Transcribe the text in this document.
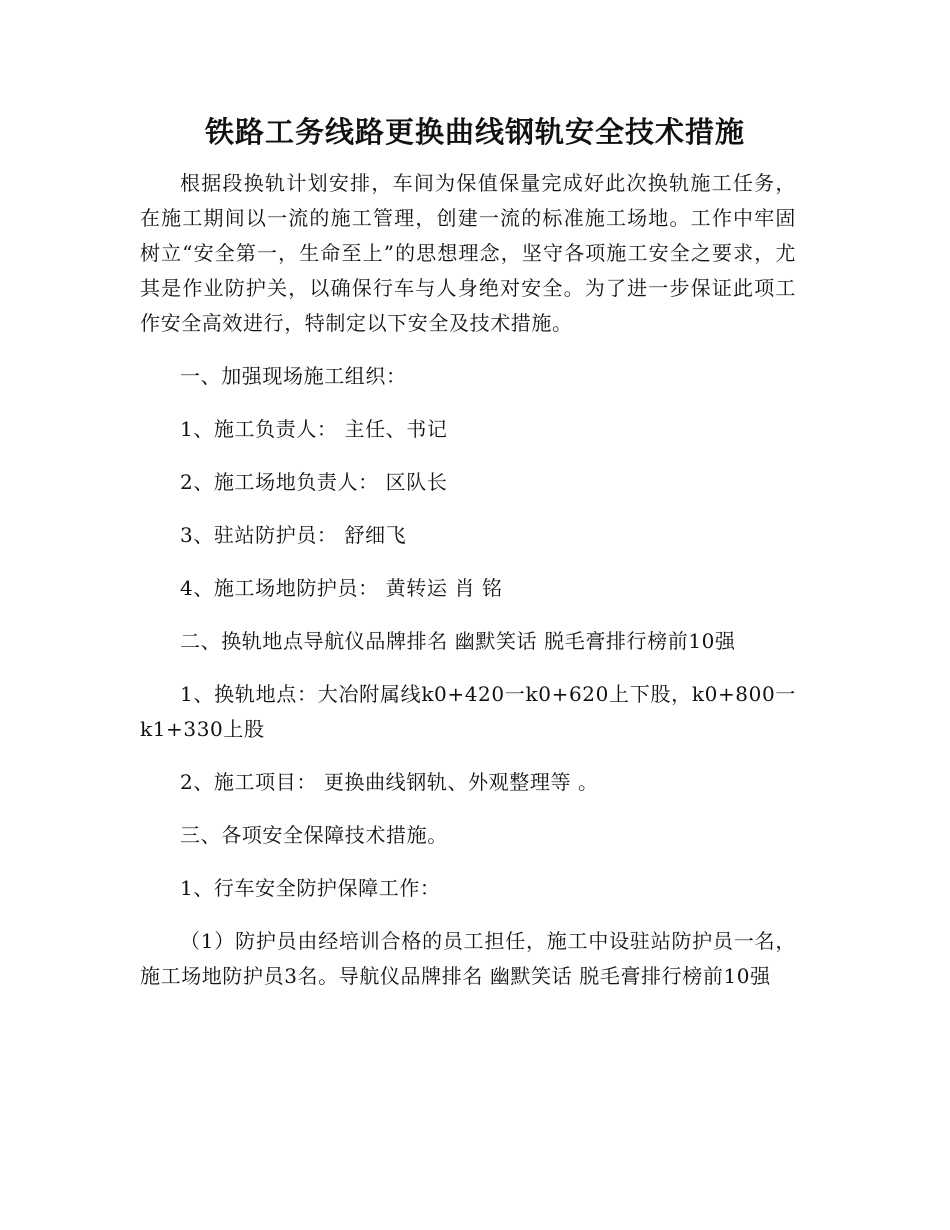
铁路工务线路更换曲线钢轨安全技术措施

根据段换轨计划安排，车间为保值保量完成好此次换轨施工任务，在施工期间以一流的施工管理，创建一流的标准施工场地。工作中牢固树立“安全第一，生命至上”的思想理念，坚守各项施工安全之要求，尤其是作业防护关，以确保行车与人身绝对安全。为了进一步保证此项工作安全高效进行，特制定以下安全及技术措施。

一、加强现场施工组织：

1、施工负责人： 主任、书记

2、施工场地负责人： 区队长

3、驻站防护员： 舒细飞

4、施工场地防护员： 黄转运 肖 铭

二、换轨地点导航仪品牌排名 幽默笑话 脱毛膏排行榜前10强

1、换轨地点：大冶附属线k0+420一k0+620上下股，k0+800一k1+330上股

2、施工项目： 更换曲线钢轨、外观整理等 。

三、各项安全保障技术措施。

1、行车安全防护保障工作：

（1）防护员由经培训合格的员工担任，施工中设驻站防护员一名，施工场地防护员3名。导航仪品牌排名 幽默笑话 脱毛膏排行榜前10强
